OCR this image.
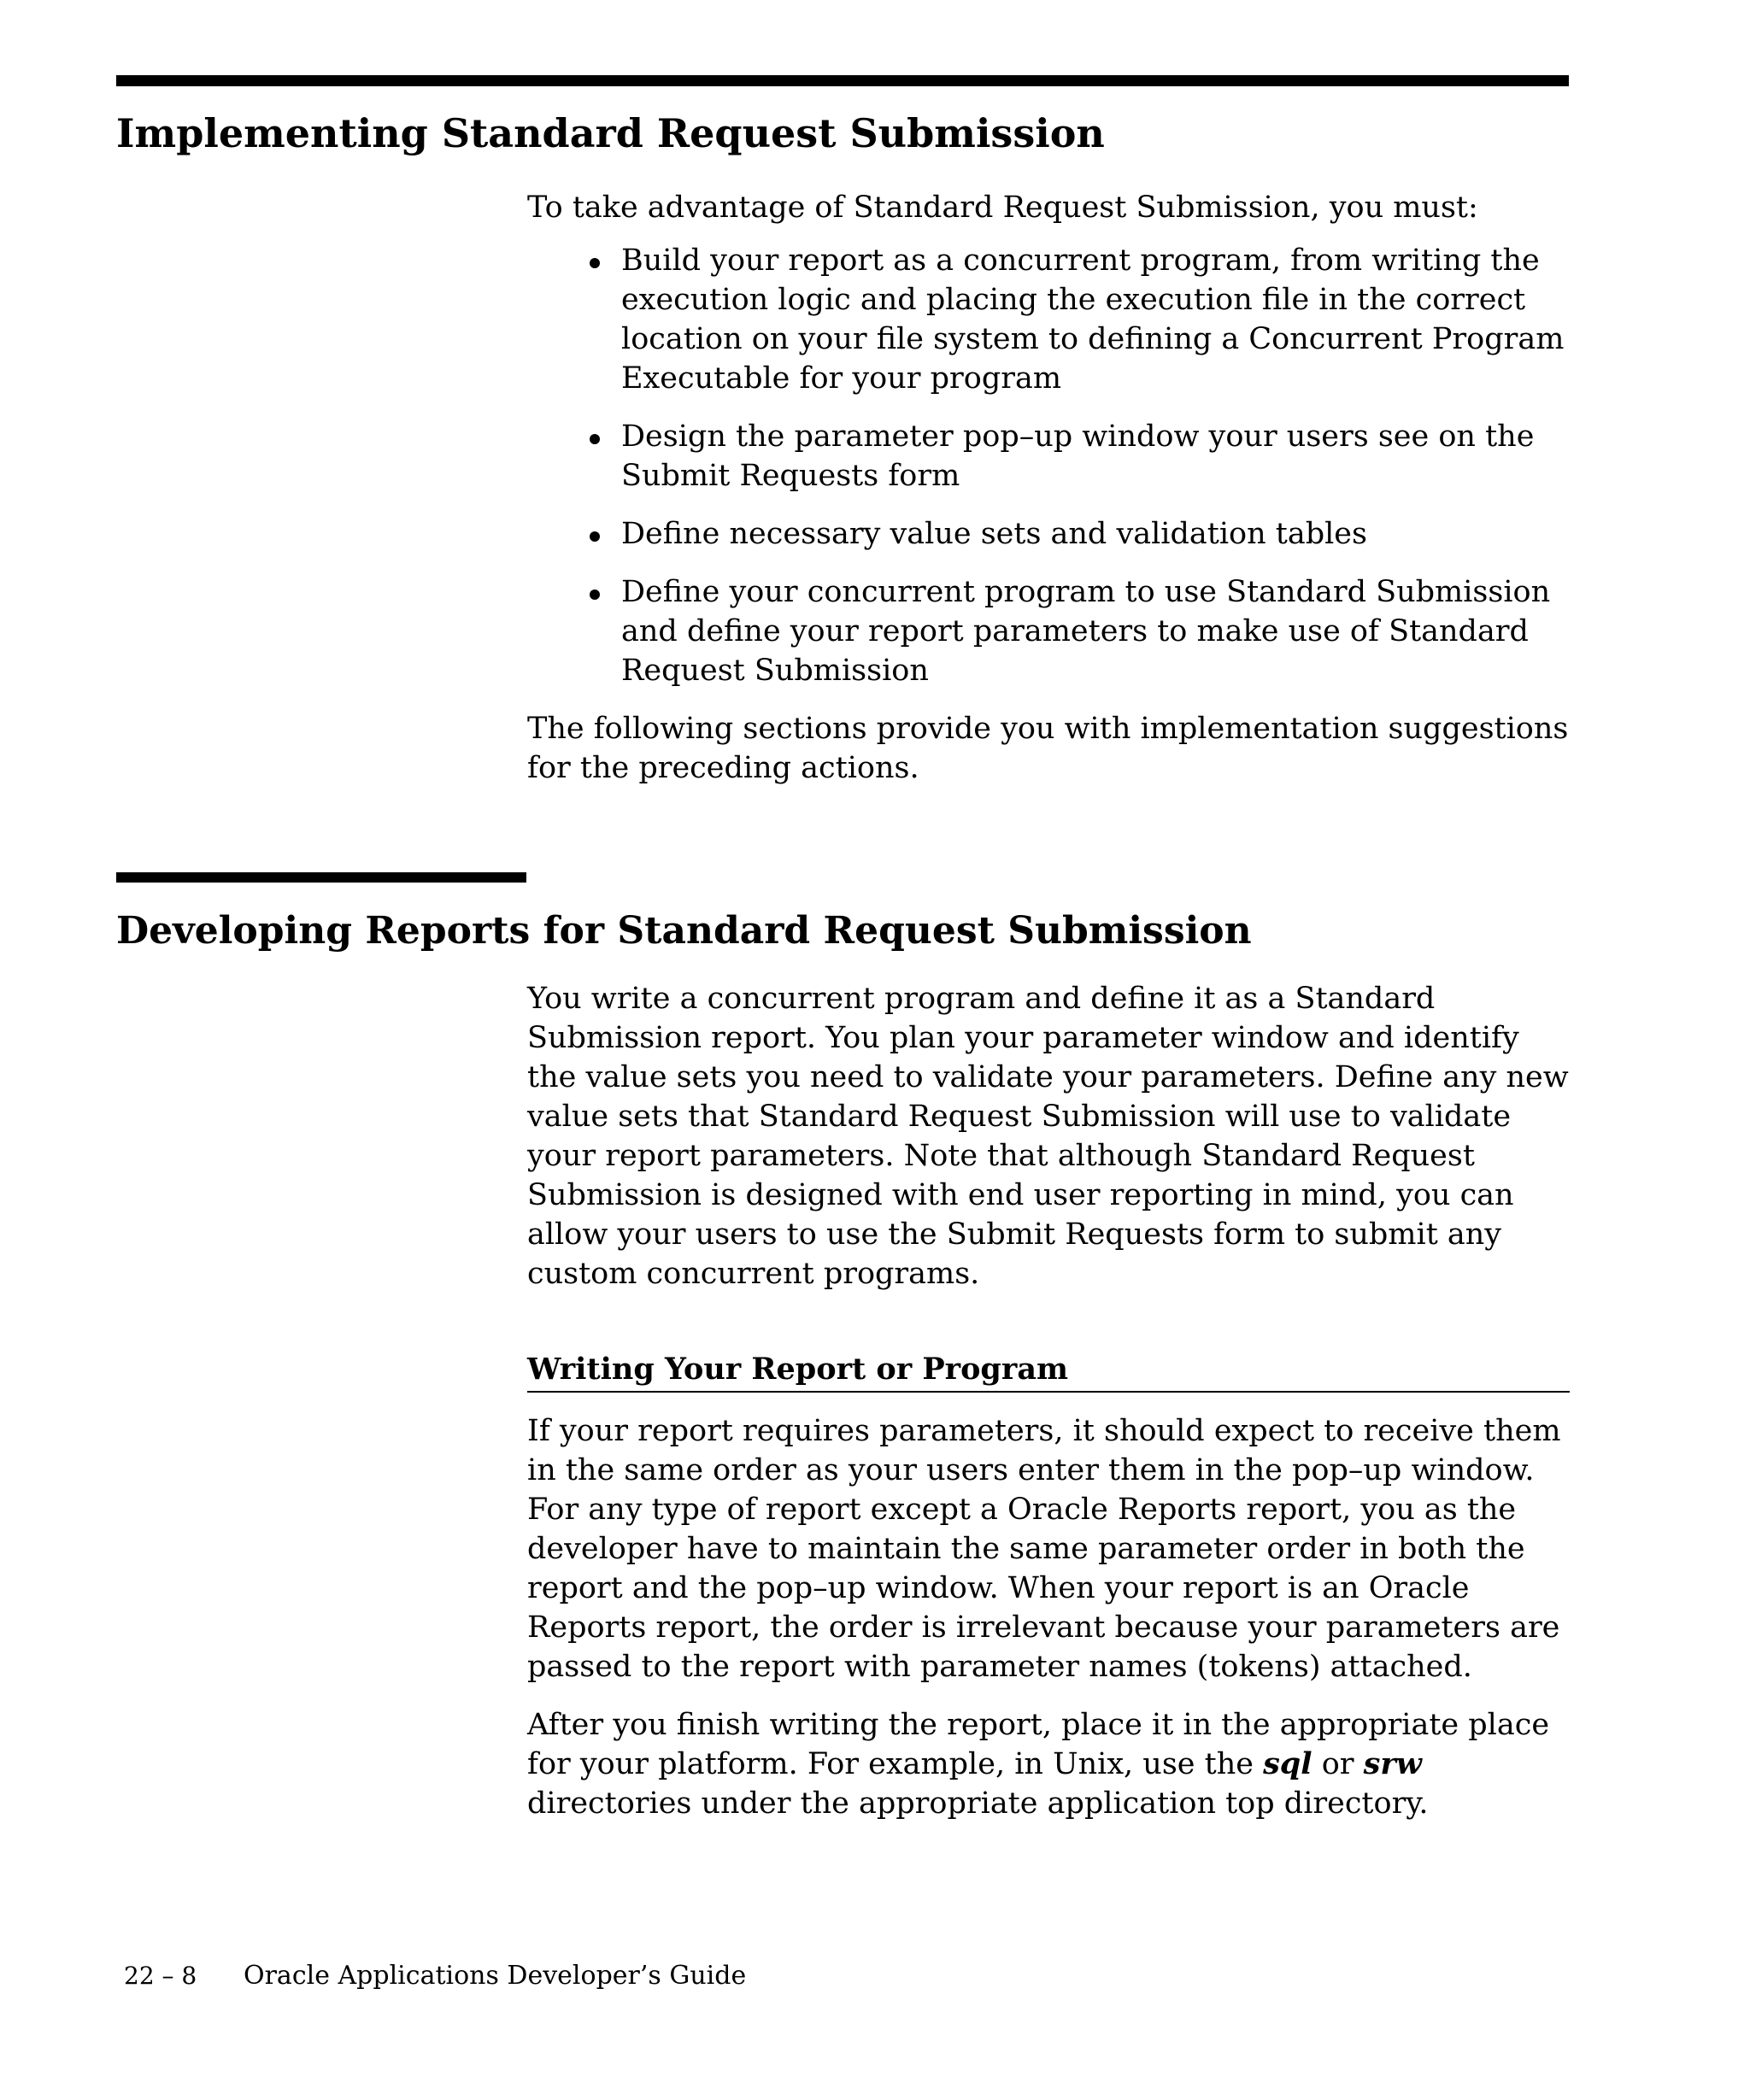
Implementing Standard Request Submission

To take advantage of Standard Request Submission, you must:

Build your report as a concurrent program, from writing the execution logic and placing the execution file in the correct location on your file system to defining a Concurrent Program Executable for your program
Design the parameter pop–up window your users see on the Submit Requests form
Define necessary value sets and validation tables
Define your concurrent program to use Standard Submission and define your report parameters to make use of Standard Request Submission

The following sections provide you with implementation suggestions for the preceding actions.

Developing Reports for Standard Request Submission

You write a concurrent program and define it as a Standard Submission report. You plan your parameter window and identify the value sets you need to validate your parameters. Define any new value sets that Standard Request Submission will use to validate your report parameters. Note that although Standard Request Submission is designed with end user reporting in mind, you can allow your users to use the Submit Requests form to submit any custom concurrent programs.

Writing Your Report or Program

If your report requires parameters, it should expect to receive them in the same order as your users enter them in the pop–up window. For any type of report except a Oracle Reports report, you as the developer have to maintain the same parameter order in both the report and the pop–up window. When your report is an Oracle Reports report, the order is irrelevant because your parameters are passed to the report with parameter names (tokens) attached.

After you finish writing the report, place it in the appropriate place for your platform. For example, in Unix, use the sql or srw directories under the appropriate application top directory.

22 – 8 Oracle Applications Developer’s Guide
